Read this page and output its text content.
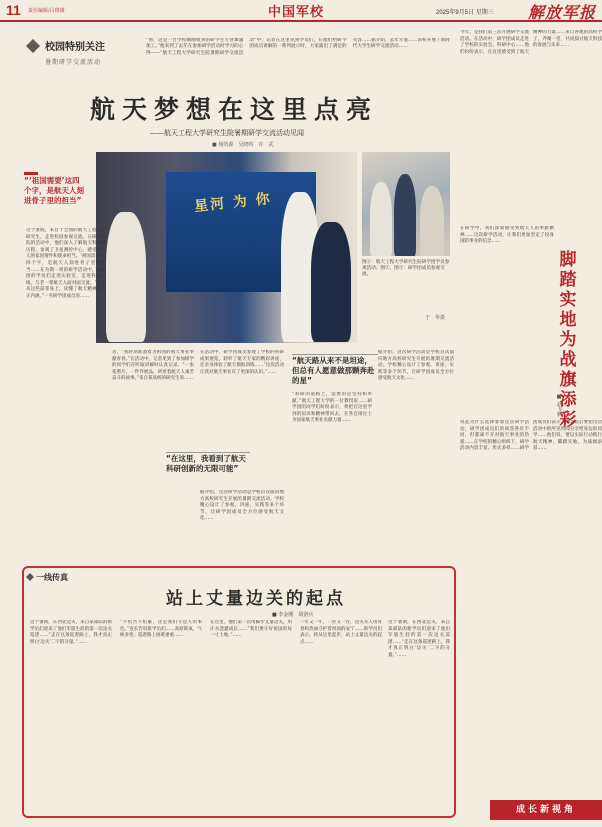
11 责任编辑/吕将雄	中国军校	2025年9月5日 星期三 解放军报
校园特别关注
暑期研学交流活动
“看，这是一台学校刚刚收到的研学生专业课题加工。”他来到了去年在参加研学活动时学习的心得——“航天工程大学研究生院暑期研学交流活动”中，记者在这里见到学员们，在他们给研学团成员讲解的一系列展示时，大家露出了满足的笑容……据介绍，去年年底……该校开展了新时代大学生研学交流活动……
航天梦想在这里点亮
——航天工程大学研究生院暑期研学交流活动见闻
■ 杨凯源　吴晓鸣　许　武
星河 为 你
图①：航天工程大学研究生院研学团学员参观活动。图②、图③：研学团成员参观交流。
于　华摄
“‘祖国需要’这四个字，是航天人刻进骨子里的担当”
这个暑假，来自于全国的航天工程大学研究生，走进校园参观交流。在研究生院的活动中，他们深入了解航天科研的历程，参观了卫星测控中心，感受航天人的家国情怀和使命担当。‘祖国需要’这四个字，是航天人刻进骨子里的担当……在为期一周的研学活动中，研学团的学员们走进实验室、走进科研一线，与老一辈航天人面对面交流。“我们从这些前辈身上，读懂了航天精神的真正内涵。”一名研学团成员说……
者，“我时刻准备着为祖国的航天事业奉献青春。”在活动中，记者见到了参加研学的同学们在听取讲解时认真记录。“一张张照片、一件件展品，讲述着航天人艰苦奋斗的故事。”来自某高校的研究生说……
在活动中，研学团成员参观了学校的科研成果展览，聆听了航天专家的精彩讲座，还亲身体验了航天模拟训练……“这次活动让我对航天事业有了更深的认识。”……
“在这里，我看到了航天科研创新的无限可能”
据介绍，这次研学活动是学校首次面向地方高校研究生开展的暑期交流活动。学校精心设计了参观、讲座、实践等多个环节，让研学团成员全方位感受航天文化……
“航天路从来不是坦途，但总有人愿意做那颗奔赴的星”
“科研的道路上，需要的是坚持和奉献。”航天工程大学的一位教授说……研学团的同学们纷纷表示，将把在这里学到的知识和精神带回去，在各自岗位上为国家航天事业贡献力量……
据介绍，这次研学活动是学校首次面向地方高校研究生开展的暑期交流活动。学校精心设计了参观、讲座、实践等多个环节，让研学团成员全方位感受航天文化……
今年，是我们第三次开展研学交流活动。在活动中，研学团成员走进了学校的实验室、科研中心……他们纷纷表示，在这里感受到了航天精神的力量……来自各地的高校学子，齐聚一堂，共同探讨航天科技的发展与未来……
脚踏实地为战旗添彩
■ 赵飞帆
在研学中，我们深刻感受到航天人的奉献精神……这次研学活动，让我们更加坚定了投身国防事业的信念……
说起为什么选择参加这次研学活动，研学团成员们的回答各有不同，但都离不开对航天事业的热爱……在学校的精心组织下，研学活动内容丰富、形式多样……研学团成员们表示，回去以后要把这次活动中的所见所闻分享给身边的同学……他们说，要以实际行动践行航天精神，脚踏实地，为战旗添彩……
一线传真
站上丈量边关的起点
■ 李金刚　胡洛兵
这个暑期，在西北边关，来自某部队的新学员们迎来了他们军旅生涯的第一次边关巡逻……“走在这条巡逻路上，我才真正明白‘边关’二字的分量。”……
“不怕苦不怕累，这是我们守边人的本色。”连长告诉新学员们……高原缺氧，气候多变，巡逻路上困难重重……
在这里，他们第一次用脚步丈量边关，用汗水浇灌成长……“我们要守好祖国的每一寸土地。”……
一年又一年，一茬又一茬，边关军人用青春和热血守护着祖国的安宁……新学员们表示，将从这里起步，站上丈量边关的起点……
这个暑期，在西北边关，来自某部队的新学员们迎来了他们军旅生涯的第一次边关巡逻……“走在这条巡逻路上，我才真正明白‘边关’二字的分量。”……
成长新视角
